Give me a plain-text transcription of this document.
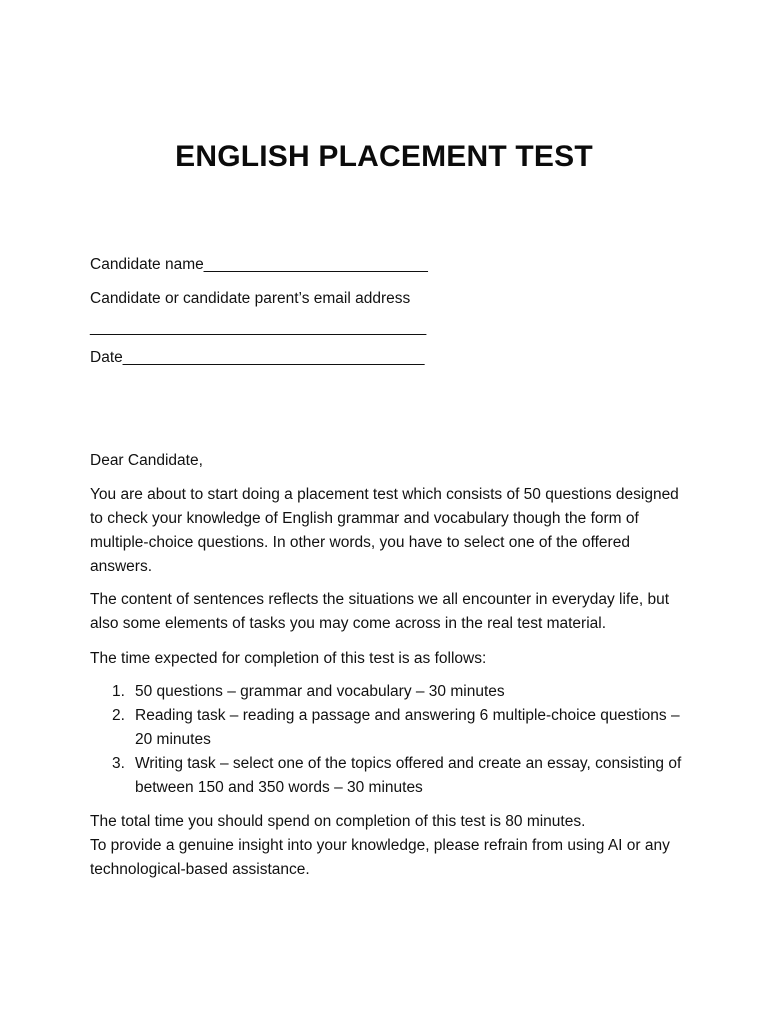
ENGLISH PLACEMENT TEST

Candidate name__________________________

Candidate or candidate parent’s email address

_______________________________________

Date___________________________________

Dear Candidate,

You are about to start doing a placement test which consists of 50 questions designed to check your knowledge of English grammar and vocabulary though the form of multiple-choice questions. In other words, you have to select one of the offered answers.

The content of sentences reflects the situations we all encounter in everyday life, but also some elements of tasks you may come across in the real test material.

The time expected for completion of this test is as follows:

1. 50 questions – grammar and vocabulary – 30 minutes
2. Reading task – reading a passage and answering 6 multiple-choice questions – 20 minutes
3. Writing task – select one of the topics offered and create an essay, consisting of between 150 and 350 words – 30 minutes

The total time you should spend on completion of this test is 80 minutes.

To provide a genuine insight into your knowledge, please refrain from using AI or any technological-based assistance.
